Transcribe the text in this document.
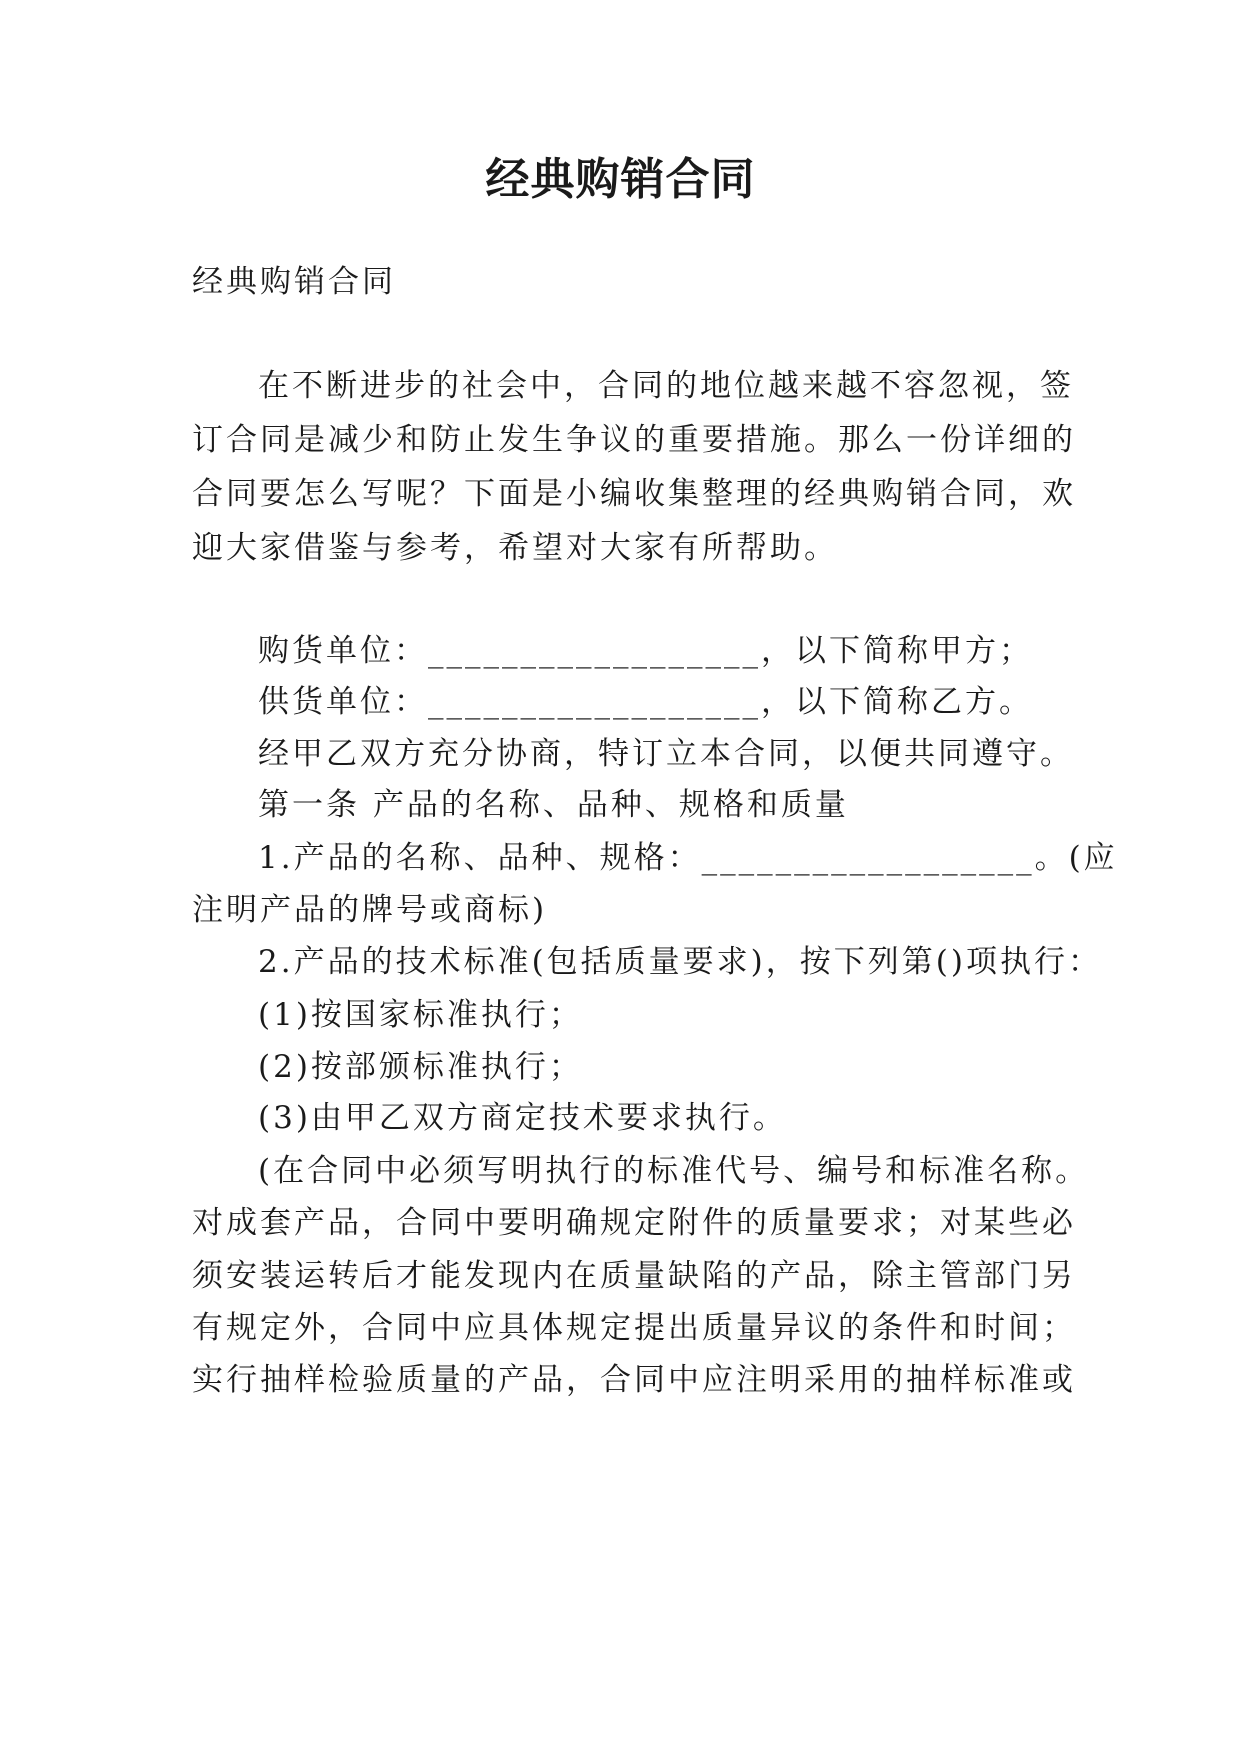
经典购销合同
经典购销合同
在不断进步的社会中，合同的地位越来越不容忽视，签
订合同是减少和防止发生争议的重要措施。那么一份详细的
合同要怎么写呢？下面是小编收集整理的经典购销合同，欢
迎大家借鉴与参考，希望对大家有所帮助。
购货单位：__________________，以下简称甲方；
供货单位：__________________，以下简称乙方。
经甲乙双方充分协商，特订立本合同，以便共同遵守。
第一条 产品的名称、品种、规格和质量
1.产品的名称、品种、规格：__________________。(应
注明产品的牌号或商标)
2.产品的技术标准(包括质量要求)，按下列第()项执行：
(1)按国家标准执行；
(2)按部颁标准执行；
(3)由甲乙双方商定技术要求执行。
(在合同中必须写明执行的标准代号、编号和标准名称。
对成套产品，合同中要明确规定附件的质量要求；对某些必
须安装运转后才能发现内在质量缺陷的产品，除主管部门另
有规定外，合同中应具体规定提出质量异议的条件和时间；
实行抽样检验质量的产品，合同中应注明采用的抽样标准或
